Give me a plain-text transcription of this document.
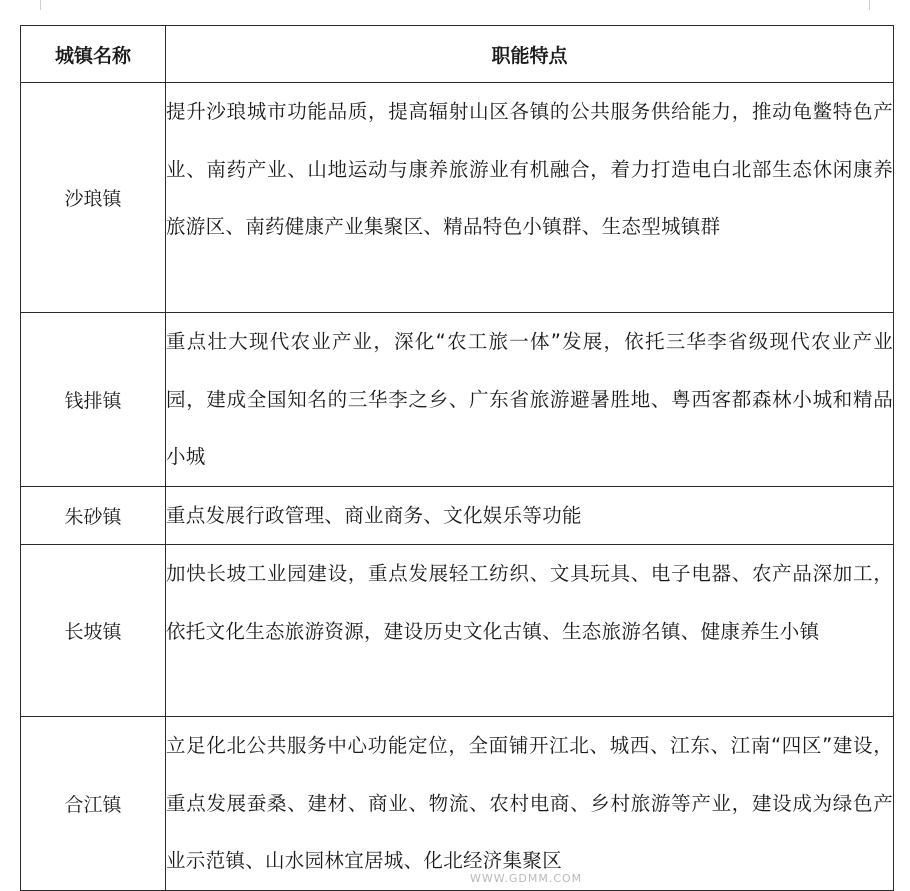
城镇名称	职能特点
沙琅镇	提升沙琅城市功能品质，提高辐射山区各镇的公共服务供给能力，推动龟鳖特色产业、南药产业、山地运动与康养旅游业有机融合，着力打造电白北部生态休闲康养旅游区、南药健康产业集聚区、精品特色小镇群、生态型城镇群
钱排镇	重点壮大现代农业产业，深化“农工旅一体”发展，依托三华李省级现代农业产业园，建成全国知名的三华李之乡、广东省旅游避暑胜地、粤西客都森林小城和精品小城
朱砂镇	重点发展行政管理、商业商务、文化娱乐等功能
长坡镇	加快长坡工业园建设，重点发展轻工纺织、文具玩具、电子电器、农产品深加工，依托文化生态旅游资源，建设历史文化古镇、生态旅游名镇、健康养生小镇
合江镇	立足化北公共服务中心功能定位，全面铺开江北、城西、江东、江南“四区”建设，重点发展蚕桑、建材、商业、物流、农村电商、乡村旅游等产业，建设成为绿色产业示范镇、山水园林宜居城、化北经济集聚区
WWW.GDMM.COM
